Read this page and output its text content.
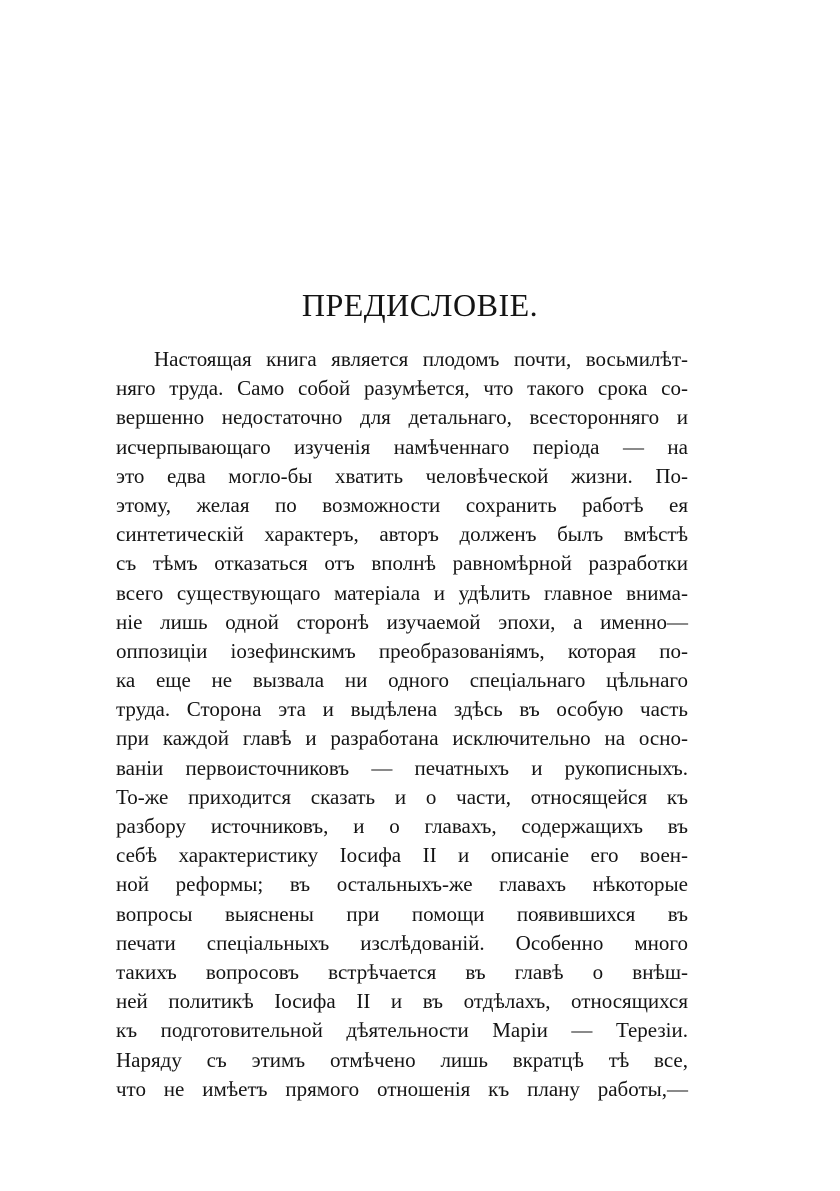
ПРЕДИСЛОВІЕ.
Настоящая книга является плодомъ почти, восьмилѣт-
няго труда. Само собой разумѣется, что такого срока со-
вершенно недостаточно для детальнаго, всесторонняго и
исчерпывающаго изученія намѣченнаго періода — на
это едва могло-бы хватить человѣческой жизни. По-
этому, желая по возможности сохранить работѣ ея
синтетическій характеръ, авторъ долженъ былъ вмѣстѣ
съ тѣмъ отказаться отъ вполнѣ равномѣрной разработки
всего существующаго матеріала и удѣлить главное внима-
ніе лишь одной сторонѣ изучаемой эпохи, а именно—
оппозиціи іозефинскимъ преобразованіямъ, которая по-
ка еще не вызвала ни одного спеціальнаго цѣльнаго
труда. Сторона эта и выдѣлена здѣсь въ особую часть
при каждой главѣ и разработана исключительно на осно-
ваніи первоисточниковъ — печатныхъ и рукописныхъ.
То-же приходится сказать и о части, относящейся къ
разбору источниковъ, и о главахъ, содержащихъ въ
себѣ характеристику Іосифа II и описаніе его воен-
ной реформы; въ остальныхъ-же главахъ нѣкоторые
вопросы выяснены при помощи появившихся въ
печати спеціальныхъ изслѣдованій. Особенно много
такихъ вопросовъ встрѣчается въ главѣ о внѣш-
ней политикѣ Іосифа II и въ отдѣлахъ, относящихся
къ подготовительной дѣятельности Маріи — Терезіи.
Наряду съ этимъ отмѣчено лишь вкратцѣ тѣ все,
что не имѣетъ прямого отношенія къ плану работы,—
